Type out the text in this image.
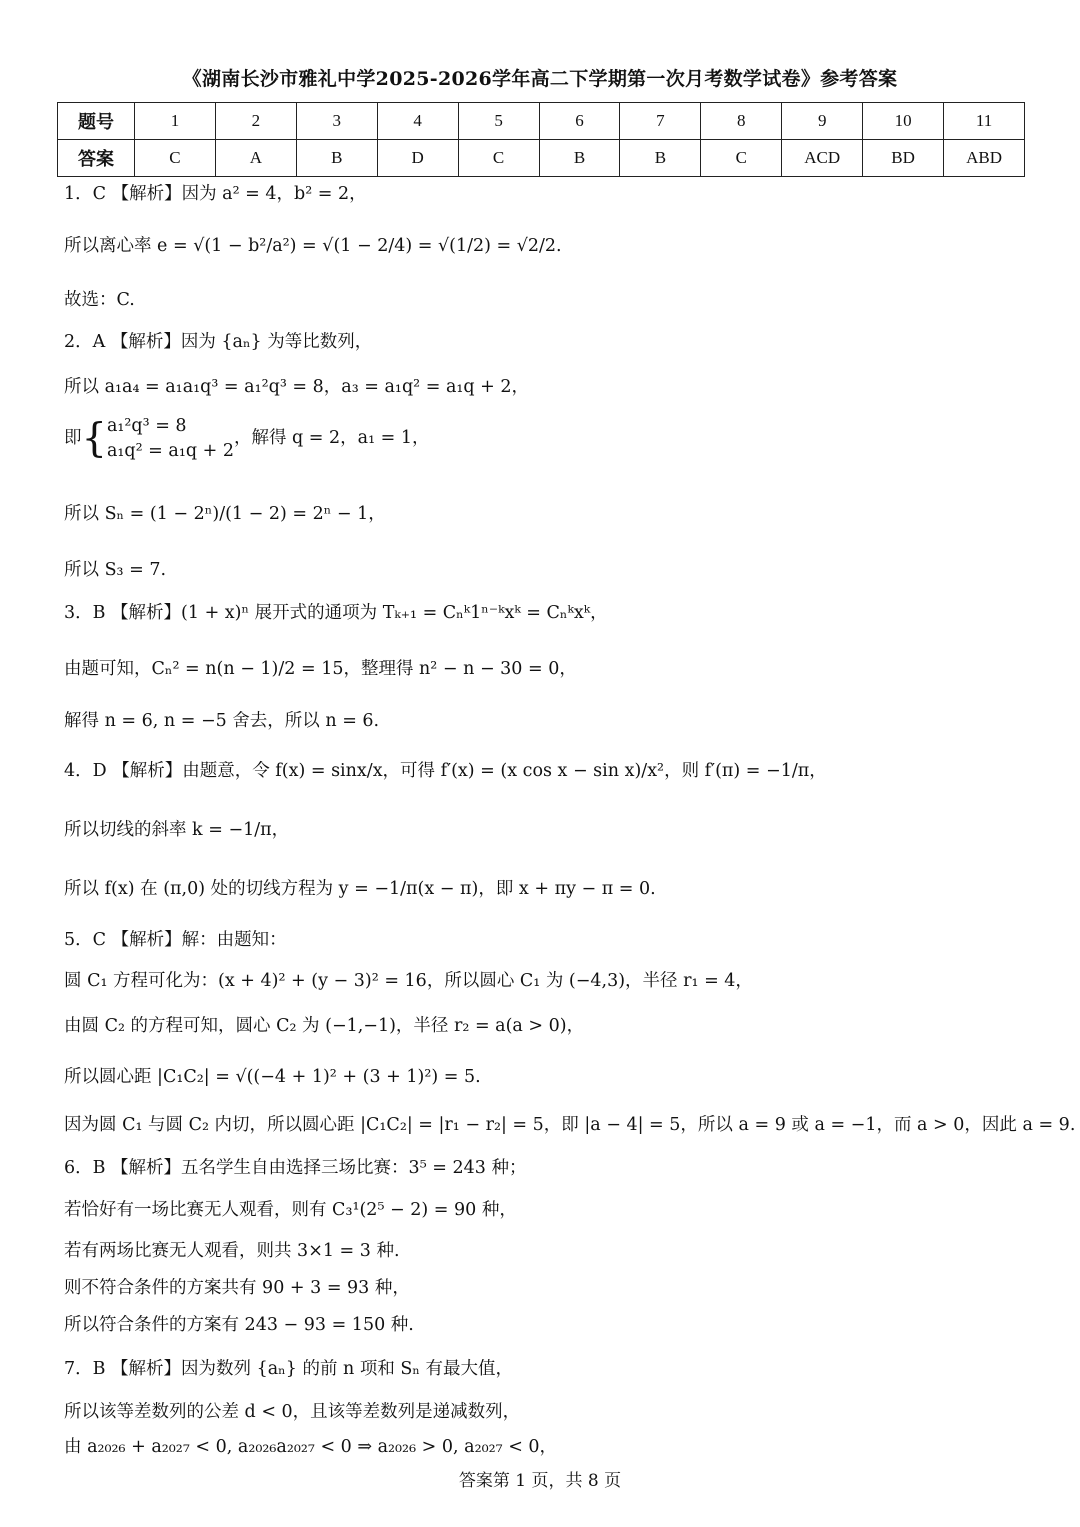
《湖南长沙市雅礼中学2025-2026学年高二下学期第一次月考数学试卷》参考答案
题号	1	2	3	4	5	6	7	8	9	10	11
答案	C	A	B	D	C	B	B	C	ACD	BD	ABD
1．C 【解析】因为 a² = 4，b² = 2，
所以离心率 e = √(1 − b²/a²) = √(1 − 2/4) = √(1/2) = √2/2.
故选：C.
2．A 【解析】因为 {aₙ} 为等比数列，
所以 a₁a₄ = a₁a₁q³ = a₁²q³ = 8，a₃ = a₁q² = a₁q + 2，
即{ a₁²q³ = 8
a₁q² = a₁q + 2
，解得 q = 2，a₁ = 1，
所以 Sₙ = (1 − 2ⁿ)/(1 − 2) = 2ⁿ − 1，
所以 S₃ = 7.
3．B 【解析】(1 + x)ⁿ 展开式的通项为 Tₖ₊₁ = Cₙᵏ1ⁿ⁻ᵏxᵏ = Cₙᵏxᵏ，
由题可知，Cₙ² = n(n − 1)/2 = 15，整理得 n² − n − 30 = 0，
解得 n = 6, n = −5 舍去，所以 n = 6.
4．D 【解析】由题意，令 f(x) = sinx/x，可得 f′(x) = (x cos x − sin x)/x²，则 f′(π) = −1/π，
所以切线的斜率 k = −1/π，
所以 f(x) 在 (π,0) 处的切线方程为 y = −1/π(x − π)，即 x + πy − π = 0.
5．C 【解析】解：由题知：
圆 C₁ 方程可化为：(x + 4)² + (y − 3)² = 16，所以圆心 C₁ 为 (−4,3)，半径 r₁ = 4，
由圆 C₂ 的方程可知，圆心 C₂ 为 (−1,−1)，半径 r₂ = a(a > 0)，
所以圆心距 |C₁C₂| = √((−4 + 1)² + (3 + 1)²) = 5.
因为圆 C₁ 与圆 C₂ 内切，所以圆心距 |C₁C₂| = |r₁ − r₂| = 5，即 |a − 4| = 5，所以 a = 9 或 a = −1，而 a > 0，因此 a = 9.
6．B 【解析】五名学生自由选择三场比赛：3⁵ = 243 种；
若恰好有一场比赛无人观看，则有 C₃¹(2⁵ − 2) = 90 种，
若有两场比赛无人观看，则共 3×1 = 3 种.
则不符合条件的方案共有 90 + 3 = 93 种，
所以符合条件的方案有 243 − 93 = 150 种.
7．B 【解析】因为数列 {aₙ} 的前 n 项和 Sₙ 有最大值，
所以该等差数列的公差 d < 0，且该等差数列是递减数列，
由 a₂₀₂₆ + a₂₀₂₇ < 0, a₂₀₂₆a₂₀₂₇ < 0 ⇒ a₂₀₂₆ > 0, a₂₀₂₇ < 0，
答案第 1 页，共 8 页
